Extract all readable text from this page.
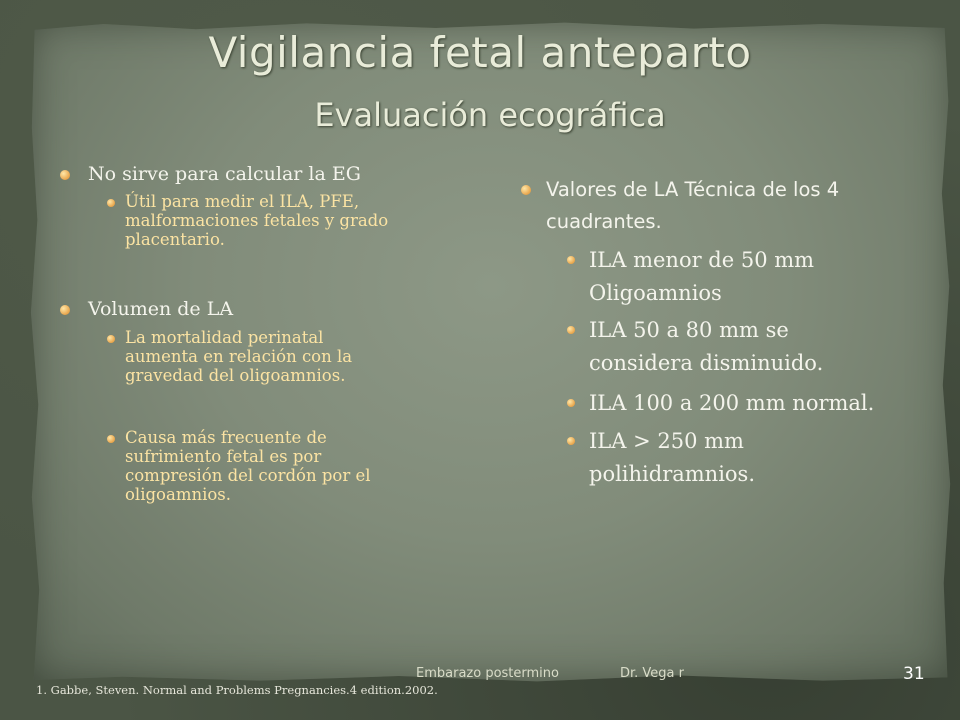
Vigilancia fetal anteparto
Evaluación ecográfica
No sirve para calcular la EG
Útil para medir el ILA, PFE,
malformaciones fetales y grado
placentario.
Volumen de LA
La mortalidad perinatal
aumenta en relación con la
gravedad del oligoamnios.
Causa más frecuente de
sufrimiento fetal es por
compresión del cordón por el
oligoamnios.
Valores de LA Técnica de los 4
cuadrantes.
ILA menor de 50 mm
Oligoamnios
ILA 50 a 80 mm se
considera disminuido.
ILA 100 a 200 mm normal.
ILA > 250 mm
polihidramnios.
Embarazo postermino	Dr. Vega r	31
1. Gabbe, Steven. Normal and Problems Pregnancies.4 edition.2002.
